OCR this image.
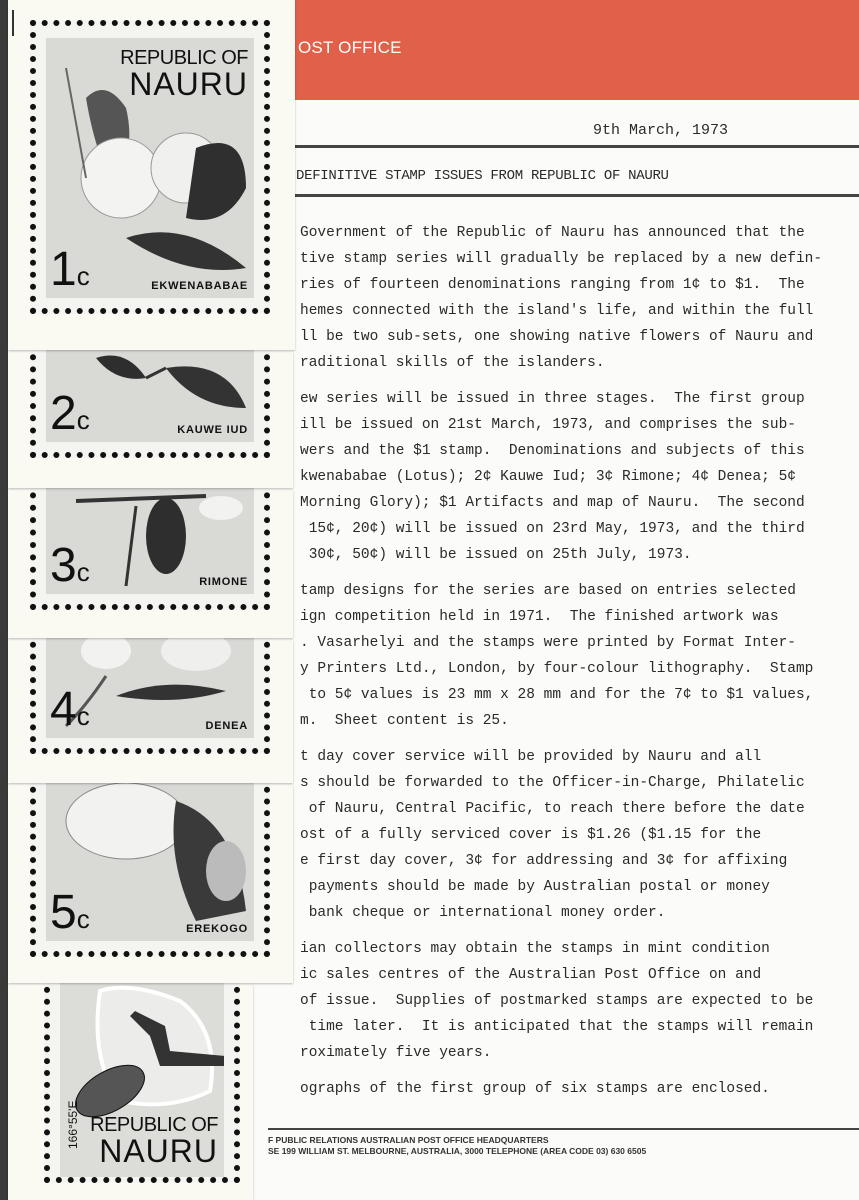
OST OFFICE
9th March, 1973
DEFINITIVE STAMP ISSUES FROM REPUBLIC OF NAURU

Government of the Republic of Nauru has announced that the
tive stamp series will gradually be replaced by a new defin-
ries of fourteen denominations ranging from 1¢ to $1.  The
hemes connected with the island's life, and within the full
ll be two sub-sets, one showing native flowers of Nauru and
raditional skills of the islanders.

ew series will be issued in three stages.  The first group
ill be issued on 21st March, 1973, and comprises the sub-
wers and the $1 stamp.  Denominations and subjects of this
kwenababae (Lotus); 2¢ Kauwe Iud; 3¢ Rimone; 4¢ Denea; 5¢
Morning Glory); $1 Artifacts and map of Nauru.  The second
15¢, 20¢) will be issued on 23rd May, 1973, and the third
30¢, 50¢) will be issued on 25th July, 1973.

tamp designs for the series are based on entries selected
ign competition held in 1971.  The finished artwork was
. Vasarhelyi and the stamps were printed by Format Inter-
y Printers Ltd., London, by four-colour lithography.  Stamp
to 5¢ values is 23 mm x 28 mm and for the 7¢ to $1 values,
m.  Sheet content is 25.

t day cover service will be provided by Nauru and all
s should be forwarded to the Officer-in-Charge, Philatelic
of Nauru, Central Pacific, to reach there before the date
ost of a fully serviced cover is $1.26 ($1.15 for the
e first day cover, 3¢ for addressing and 3¢ for affixing
payments should be made by Australian postal or money
bank cheque or international money order.

ian collectors may obtain the stamps in mint condition
ic sales centres of the Australian Post Office on and
of issue.  Supplies of postmarked stamps are expected to be
time later.  It is anticipated that the stamps will remain
roximately five years.

ographs of the first group of six stamps are enclosed.

F PUBLIC RELATIONS AUSTRALIAN POST OFFICE HEADQUARTERS
SE 199 WILLIAM ST. MELBOURNE, AUSTRALIA, 3000 TELEPHONE (AREA CODE 03) 630 6505
166°55'E REPUBLIC OF
NAURU
5c	EREKOGO
4c	DENEA
3c	RIMONE
2c	KAUWE IUD
REPUBLIC OF
NAURU
1c	EKWENABABAE
